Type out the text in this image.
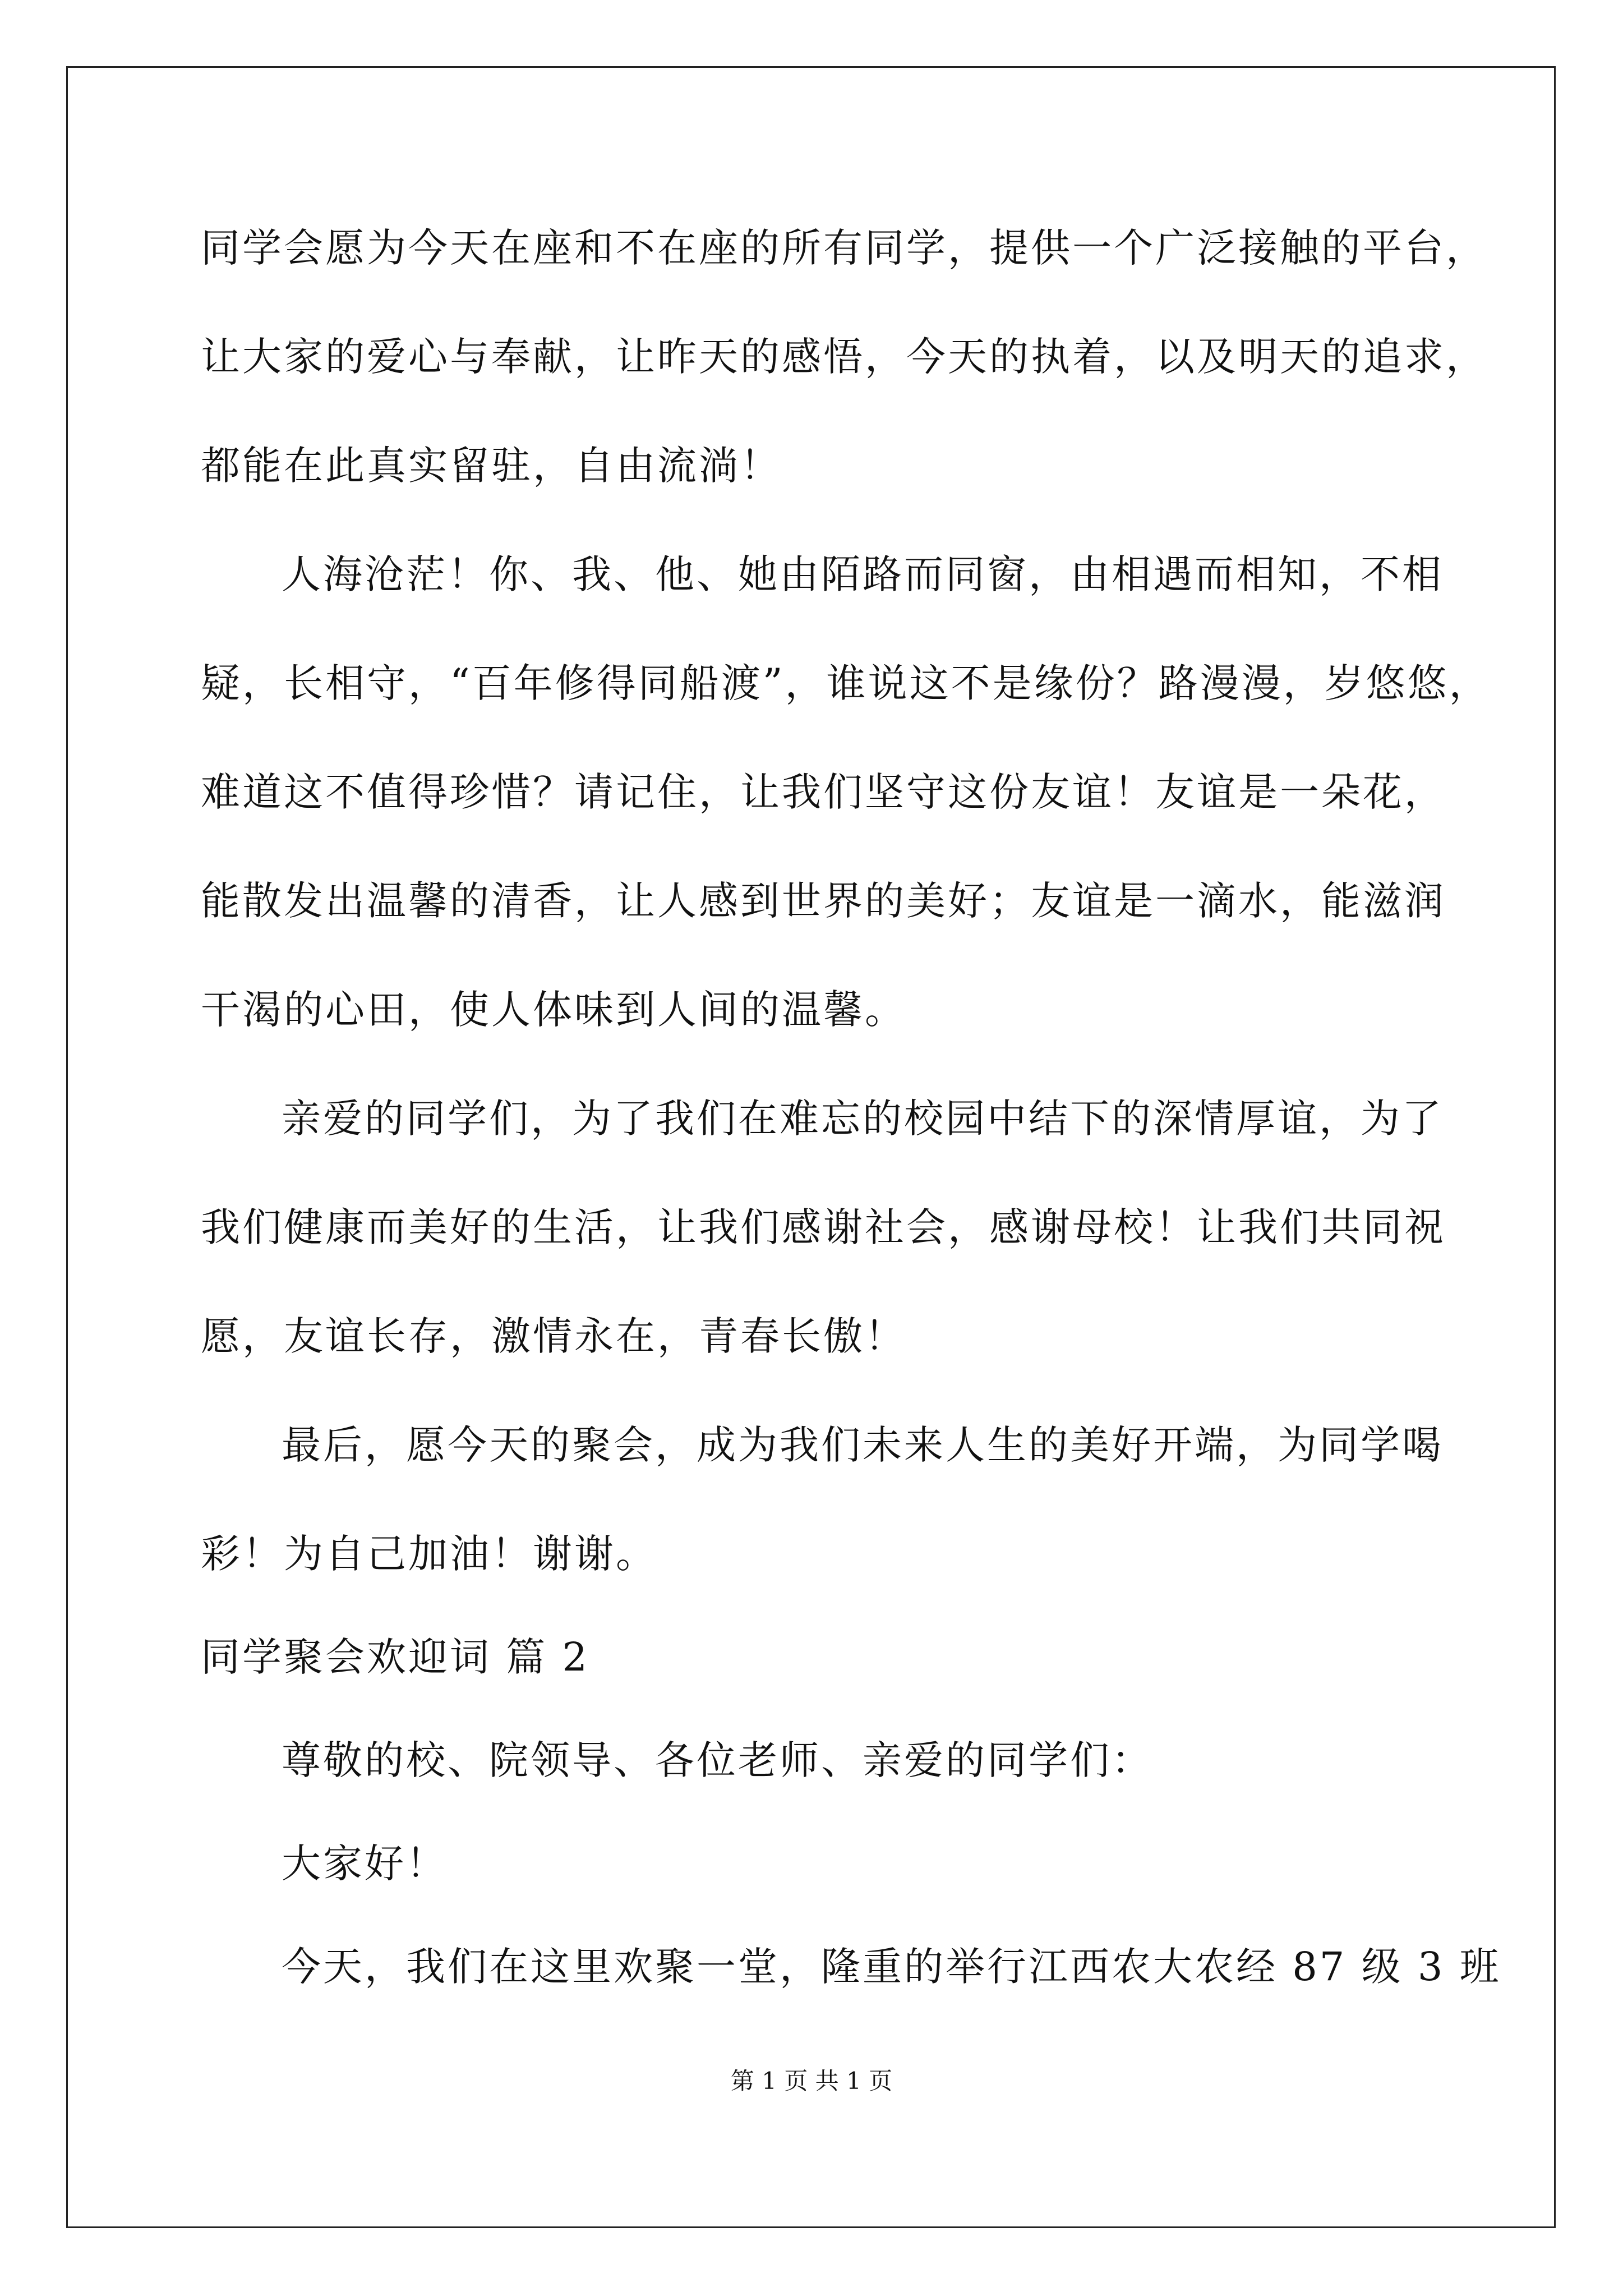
同学会愿为今天在座和不在座的所有同学，提供一个广泛接触的平台，
让大家的爱心与奉献，让昨天的感悟，今天的执着，以及明天的追求，
都能在此真实留驻，自由流淌！
人海沧茫！你、我、他、她由陌路而同窗，由相遇而相知，不相
疑，长相守，“百年修得同船渡”，谁说这不是缘份？路漫漫，岁悠悠，
难道这不值得珍惜？请记住，让我们坚守这份友谊！友谊是一朵花，
能散发出温馨的清香，让人感到世界的美好；友谊是一滴水，能滋润
干渴的心田，使人体味到人间的温馨。
亲爱的同学们，为了我们在难忘的校园中结下的深情厚谊，为了
我们健康而美好的生活，让我们感谢社会，感谢母校！让我们共同祝
愿，友谊长存，激情永在，青春长傲！
最后，愿今天的聚会，成为我们未来人生的美好开端，为同学喝
彩！为自己加油！谢谢。
同学聚会欢迎词 篇 2
尊敬的校、院领导、各位老师、亲爱的同学们：
大家好！
今天，我们在这里欢聚一堂，隆重的举行江西农大农经 87 级 3 班
第 1 页 共 1 页
